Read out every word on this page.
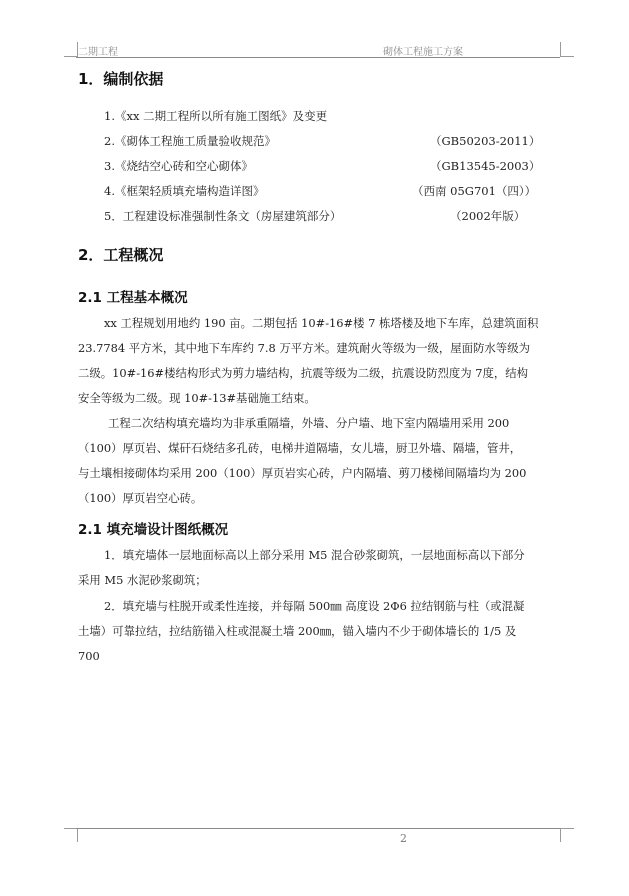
二期工程	砌体工程施工方案
1．编制依据
1.《xx 二期工程所以所有施工图纸》及变更
2.《砌体工程施工质量验收规范》	（GB50203-2011）
3.《烧结空心砖和空心砌体》	（GB13545-2003）
4.《框架轻质填充墙构造详图》	（西南 05G701（四））
5．工程建设标准强制性条文（房屋建筑部分）	（2002年版）
2．工程概况
2.1 工程基本概况
xx 工程规划用地约 190 亩。二期包括 10#-16#楼 7 栋塔楼及地下车库，总建筑面积
23.7784 平方米，其中地下车库约 7.8 万平方米。建筑耐火等级为一级，屋面防水等级为
二级。10#-16#楼结构形式为剪力墙结构，抗震等级为二级，抗震设防烈度为 7度，结构
安全等级为二级。现 10#-13#基础施工结束。
工程二次结构填充墙均为非承重隔墙，外墙、分户墙、地下室内隔墙用采用 200
（100）厚页岩、煤矸石烧结多孔砖，电梯井道隔墙，女儿墙，厨卫外墙、隔墙，管井，
与土壤相接砌体均采用 200（100）厚页岩实心砖，户内隔墙、剪刀楼梯间隔墙均为 200
（100）厚页岩空心砖。
2.1 填充墙设计图纸概况
1．填充墙体一层地面标高以上部分采用 M5 混合砂浆砌筑，一层地面标高以下部分
采用 M5 水泥砂浆砌筑；
2．填充墙与柱脱开或柔性连接，并每隔 500㎜ 高度设 2Φ6 拉结钢筋与柱（或混凝
土墙）可靠拉结，拉结筋锚入柱或混凝土墙 200㎜，锚入墙内不少于砌体墙长的 1/5 及
700
2
